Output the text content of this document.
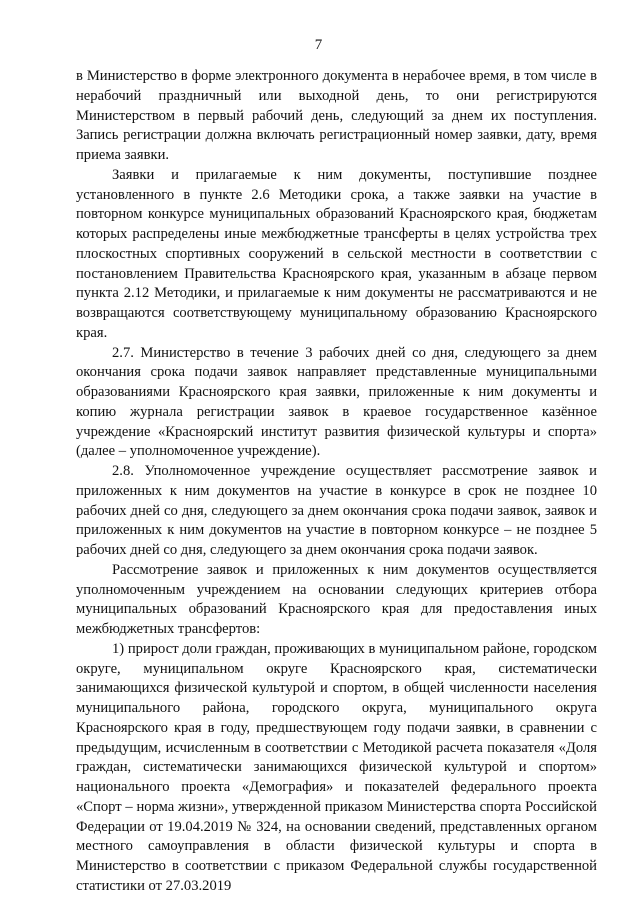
7

в Министерство в форме электронного документа в нерабочее время, в том числе в нерабочий праздничный или выходной день, то они регистрируются Министерством в первый рабочий день, следующий за днем их поступления. Запись регистрации должна включать регистрационный номер заявки, дату, время приема заявки.

Заявки и прилагаемые к ним документы, поступившие позднее установленного в пункте 2.6 Методики срока, а также заявки на участие в повторном конкурсе муниципальных образований Красноярского края, бюджетам которых распределены иные межбюджетные трансферты в целях устройства трех плоскостных спортивных сооружений в сельской местности в соответствии с постановлением Правительства Красноярского края, указанным в абзаце первом пункта 2.12 Методики, и прилагаемые к ним документы не рассматриваются и не возвращаются соответствующему муниципальному образованию Красноярского края.

2.7. Министерство в течение 3 рабочих дней со дня, следующего за днем окончания срока подачи заявок направляет представленные муниципальными образованиями Красноярского края заявки, приложенные к ним документы и копию журнала регистрации заявок в краевое государственное казённое учреждение «Красноярский институт развития физической культуры и спорта» (далее – уполномоченное учреждение).

2.8. Уполномоченное учреждение осуществляет рассмотрение заявок и приложенных к ним документов на участие в конкурсе в срок не позднее 10 рабочих дней со дня, следующего за днем окончания срока подачи заявок, заявок и приложенных к ним документов на участие в повторном конкурсе – не позднее 5 рабочих дней со дня, следующего за днем окончания срока подачи заявок.

Рассмотрение заявок и приложенных к ним документов осуществляется уполномоченным учреждением на основании следующих критериев отбора муниципальных образований Красноярского края для предоставления иных межбюджетных трансфертов:

1) прирост доли граждан, проживающих в муниципальном районе, городском округе, муниципальном округе Красноярского края, систематически занимающихся физической культурой и спортом, в общей численности населения муниципального района, городского округа, муниципального округа Красноярского края в году, предшествующем году подачи заявки, в сравнении с предыдущим, исчисленным в соответствии с Методикой расчета показателя «Доля граждан, систематически занимающихся физической культурой и спортом» национального проекта «Демография» и показателей федерального проекта «Спорт – норма жизни», утвержденной приказом Министерства спорта Российской Федерации от 19.04.2019 № 324, на основании сведений, представленных органом местного самоуправления в области физической культуры и спорта в Министерство в соответствии с приказом Федеральной службы государственной статистики от 27.03.2019
